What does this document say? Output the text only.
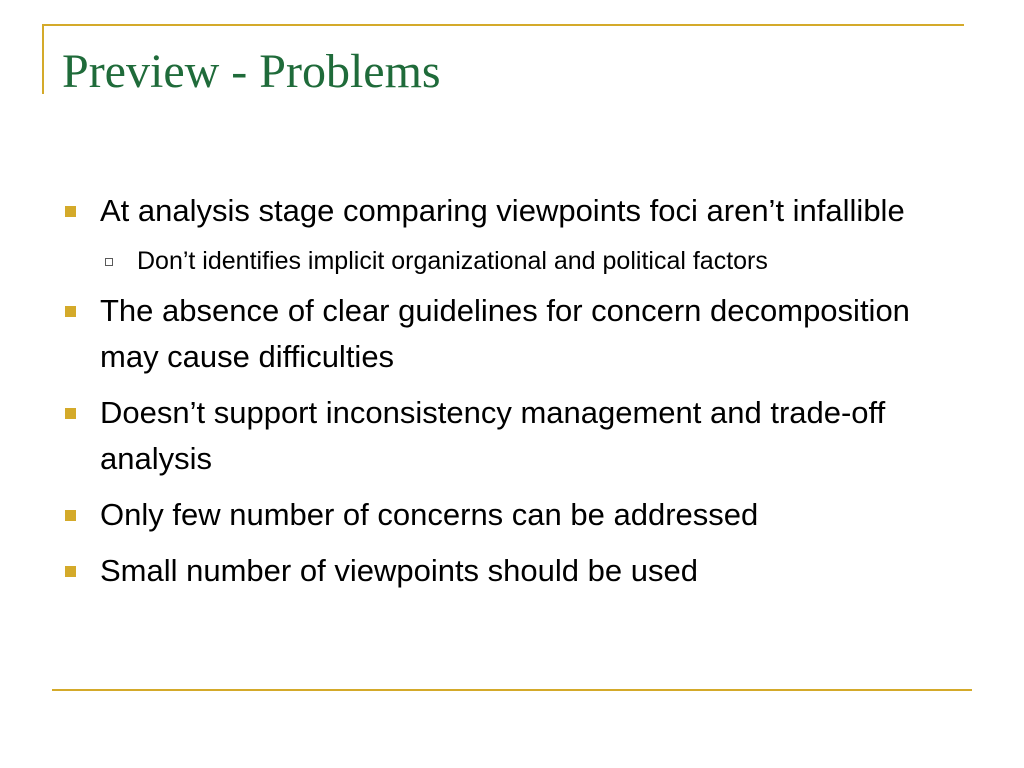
Preview - Problems
At analysis stage comparing viewpoints foci aren’t infallible
Don’t identifies implicit organizational and political factors
The absence of clear guidelines for concern decomposition may cause difficulties
Doesn’t support inconsistency management and trade-off analysis
Only few number of concerns can be addressed
Small number of viewpoints should be used
